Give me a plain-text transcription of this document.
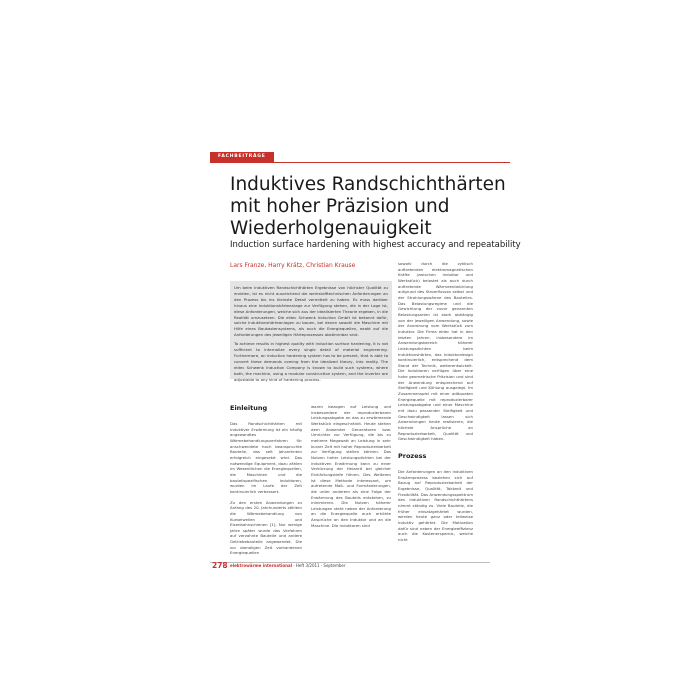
FACHBEITRÄGE
Induktives Randschichthärten
mit hoher Präzision und
Wiederholgenauigkeit
Induction surface hardening with highest accuracy and repeatability
Lars Franze, Harry Krätz, Christian Krause

Um beim induktiven Randschichthärten Ergebnisse von höchster Qualität zu erzielen, ist es nicht ausreichend die werkstofftechnischen Anforderungen an den Prozess bis ins kleinste Detail vermittelt zu haben. Es muss darüber hinaus eine Induktionshärteanlage zur Verfügung stehen, die in der Lage ist, diese Anforderungen, welche sich aus der idealisierten Theorie ergeben, in die Realität umzusetzen. Die eldec Schwenk Induction GmbH ist bekannt dafür, solche Induktionshärteanlagen zu bauen, bei denen sowohl die Maschine mit Hilfe eines Baukastensystems, als auch die Energiequellen, exakt auf die Anforderungen des jeweiligen Härteprozesses abstimmbar sind.

To achieve results in highest quality with induction surface hardening, it is not sufficient to internalize every single detail of material engineering. Furthermore, an induction hardening system has to be present, that is able to convert these demands coming from the idealized theory, into reality. The eldec Schwenk Induction Company is known to build such systems, where both, the machine, using a modular construction system, and the inverter are adjustable to any kind of hardening process.

Einleitung

Das Randschichthärten mit induktiver Erwärmung ist ein häufig angewandtes Wärmebehandlungsverfahren für anschwendete hoch beanspruchte Bauteile, das seit Jahrzehnten erfolgreich eingesetzt wird. Das notwendige Equipment, dazu zählen im Wesentlichen die Energiequellen, die Maschinen und die bauteilspezifischen Induktoren, wurden im Laufe der Zeit kontinuierlich verbessert.

Zu den ersten Anwendungen zu Anfang des 20. Jahrhunderts zählten die Wärmebehandlung von Kurbelwellen und Eisenbahnschienen [1]. Nur wenige Jahre später wurde das Verfahren auf verzahnte Bauteile und andere Getriebebauteile angewendet. Die zur damaligen Zeit vorhandenen Energiequellen

waren bezogen auf Leistung und insbesondere der reproduzierbaren Leistungsabgabe an das zu erwärmende Werkstück eingeschränkt. Heute stehen dem Anwender Generatoren bzw. Umrichter zur Verfügung, die bis zu mehrere Megawatt an Leistung in sehr kurzer Zeit mit hoher Reproduzierbarkeit zur Verfügung stellen können. Das Nutzen hoher Leistungsdichten bei der induktiven Erwärmung kann zu einer Verkürzung der Heizzeit bei gleicher Einhärtungstiefe führen. Des Weiteren ist diese Methode interessant, um aufretende Maß- und Formänderungen, die unter anderem als eine Folge der Erwärmung des Bauteils entstehen, zu minimieren. Die Nutzen höherer Leistungen steht neben der Anforderung an die Energiequelle auch erhöhte Ansprüche an den Induktor und an die Maschine. Die Induktoren sind

sowohl durch die zyklisch auftretenden elektromagnetischen Kräfte (zwischen Induktor und Werkstück) belastet als auch durch auftretende Wärmeentwicklung aufgrund des Stromflusses selbst und der Strahlungswärme des Bauteiles. Das Belastungsregime und die Gewichtung der zuvor genannten Belastungsarten ist stark abhängig von der jeweiligen Anwendung, sowie der Anordnung vom Werkstück zum Induktor. Die Firma eldec hat in den letzten Jahren, insbesondere im Anwendungsbereich höherer Leistungsdichten beim Induktionshärten, das Induktordesign kontinuierlich, entsprechend dem Stand der Technik, weiterentwickelt. Die Induktoren verfügen über eine hohe geometrische Präzision und sind der Anwendung entsprechend auf Steifigkeit und Kühlung ausgelegt. Im Zusammenspiel mit einer adäquaten Energiequelle mit reproduzierbarer Leistungsabgabe und einer Maschine mit dazu passender Steifigkeit und Geschwindigkeit lassen sich Anwendungen heute realisieren, die höchste Ansprüche an Reproduzierbarkeit, Qualität und Geschwindigkeit haben.

Prozess

Die Anforderungen an den induktiven Erwärmprozess beziehen sich auf Bezug auf Reproduzierbarkeit der Ergebnisse, Qualität, Taktzeit und Flexibilität. Das Anwendungsspektrum des induktiven Randschichthärtens nimmt ständig zu. Viele Bauteile, die früher einsatzgehärtet wurden, werden heute ganz oder teilweise induktiv gehärtet. Die Motivation dafür sind neben der Energieeffizienz auch die Kostenersparnis, welche nicht

278 elektrowärme international · Heft 3/2011 · September
